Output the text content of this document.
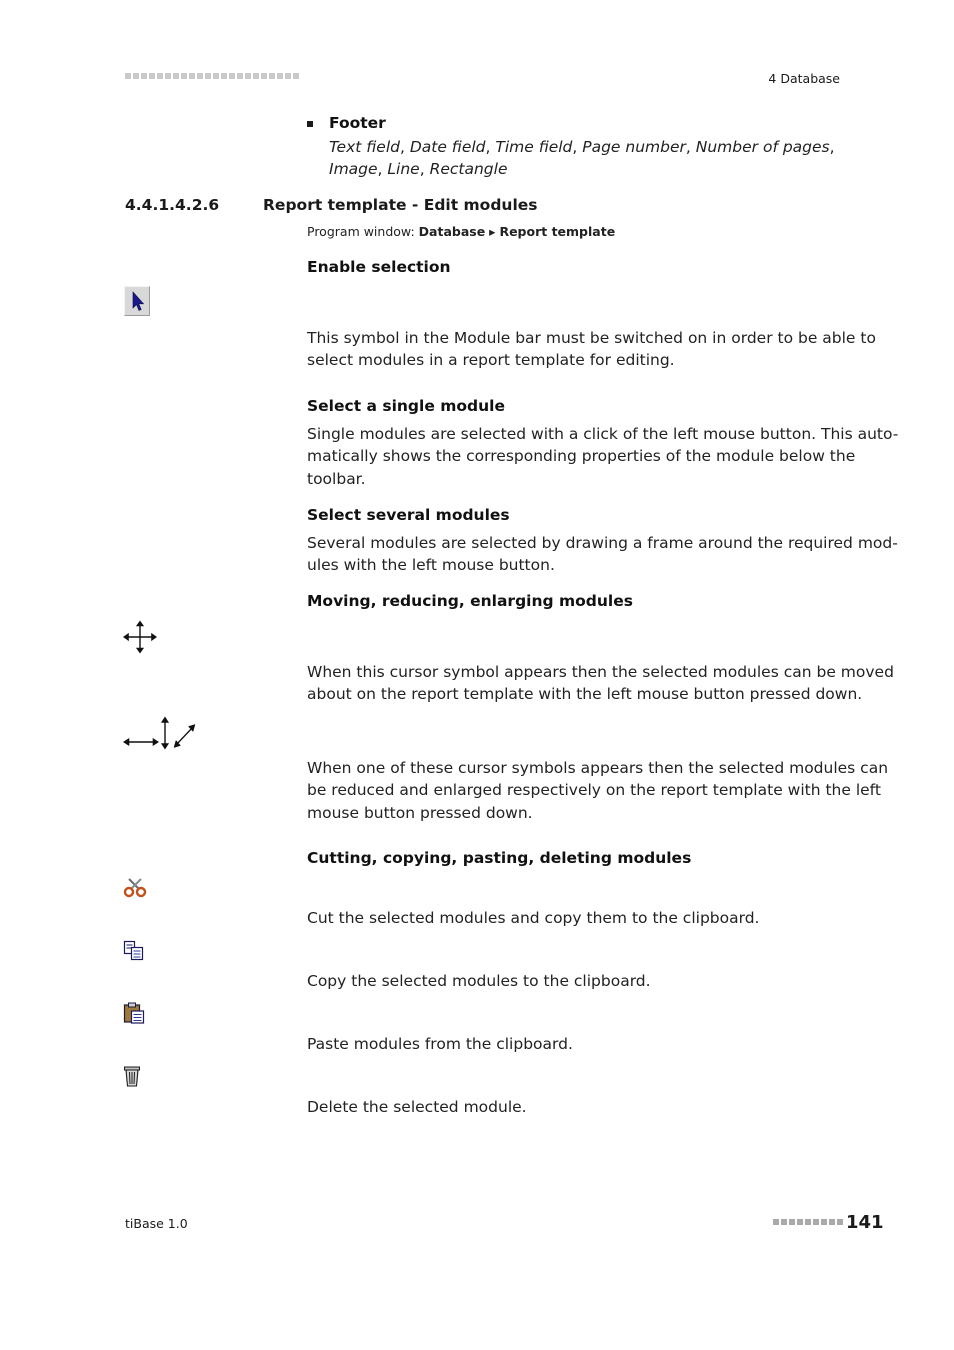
4 Database
Footer
Text field, Date field, Time field, Page number, Number of pages,
Image, Line, Rectangle
4.4.1.4.2.6	Report template - Edit modules
Program window: Database ▸ Report template
Enable selection
This symbol in the Module bar must be switched on in order to be able to
select modules in a report template for editing.
Select a single module
Single modules are selected with a click of the left mouse button. This auto-
matically shows the corresponding properties of the module below the
toolbar.
Select several modules
Several modules are selected by drawing a frame around the required mod-
ules with the left mouse button.
Moving, reducing, enlarging modules
When this cursor symbol appears then the selected modules can be moved
about on the report template with the left mouse button pressed down.
When one of these cursor symbols appears then the selected modules can
be reduced and enlarged respectively on the report template with the left
mouse button pressed down.
Cutting, copying, pasting, deleting modules
Cut the selected modules and copy them to the clipboard.
Copy the selected modules to the clipboard.
Paste modules from the clipboard.
Delete the selected module.
tiBase 1.0	141
